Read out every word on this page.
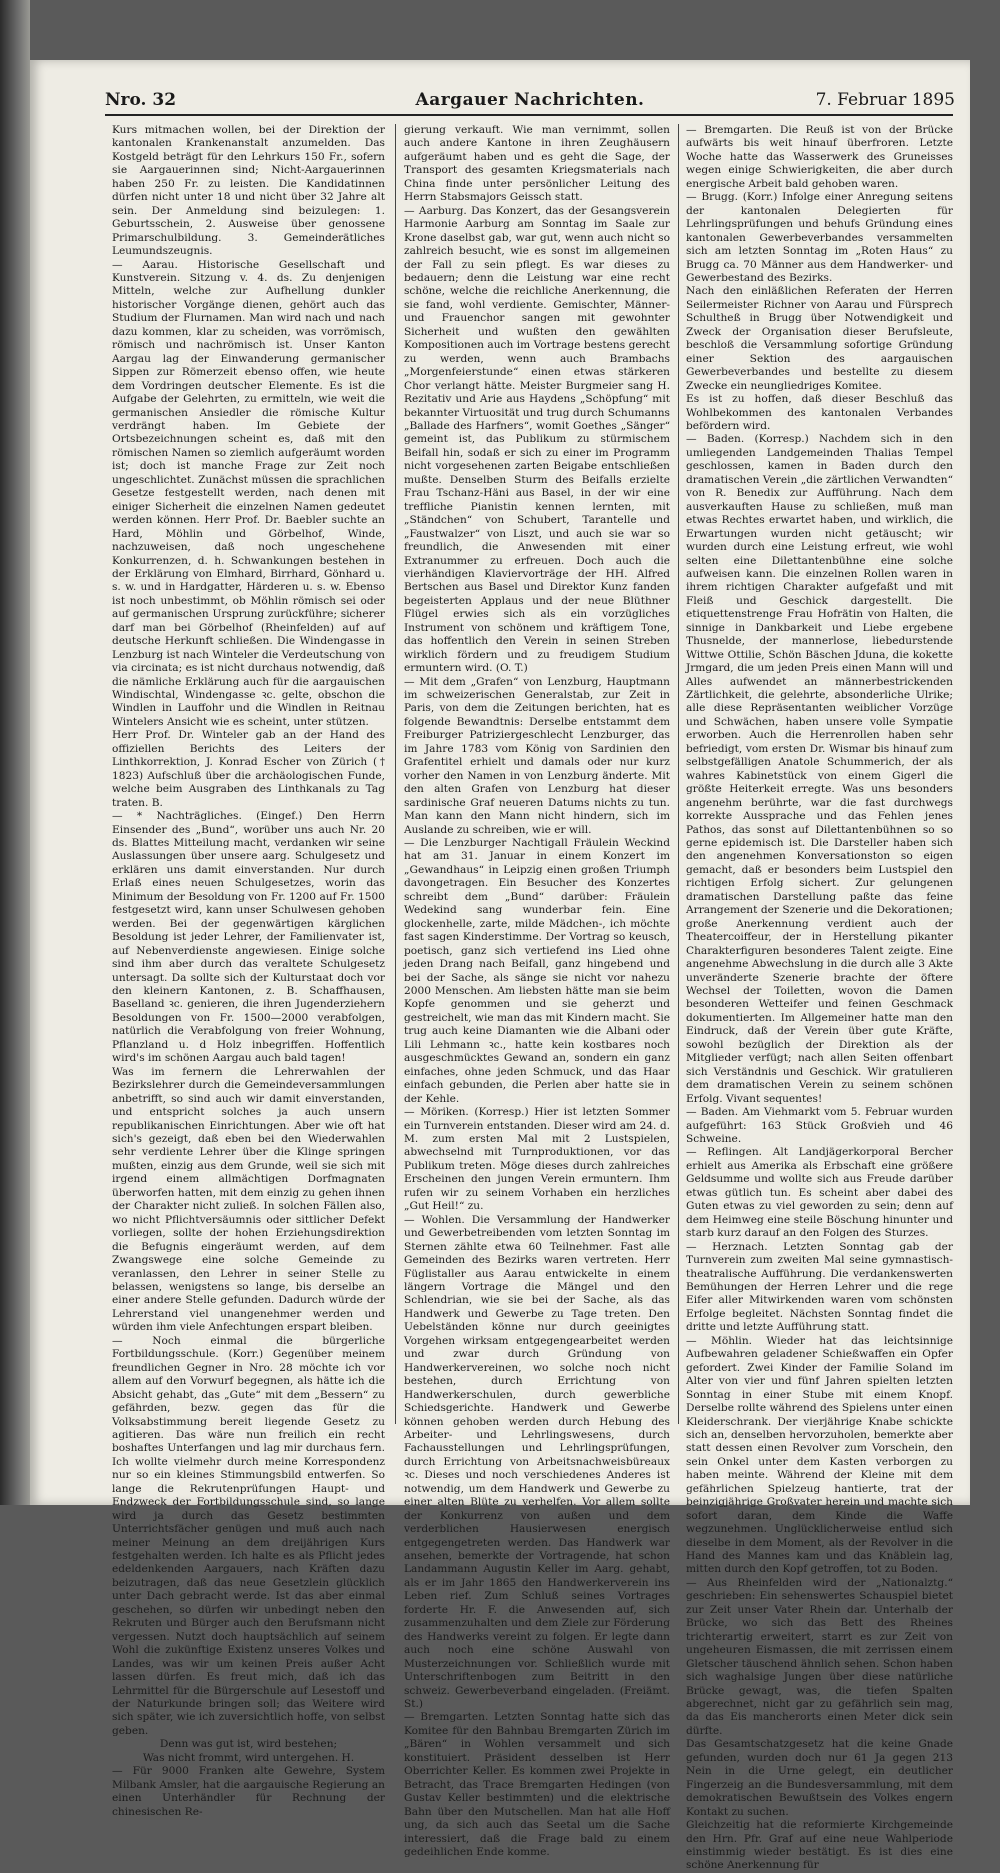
Nro. 32	Aargauer Nachrichten.	7. Februar 1895

Kurs mitmachen wollen, bei der Direktion der kantonalen Krankenanstalt anzumelden. Das Kostgeld beträgt für den Lehrkurs 150 Fr., sofern sie Aargauerinnen sind; Nicht-Aargauerinnen haben 250 Fr. zu leisten. Die Kandidatinnen dürfen nicht unter 18 und nicht über 32 Jahre alt sein. Der Anmeldung sind beizulegen: 1. Geburtsschein, 2. Ausweise über genossene Primarschulbildung. 3. Gemeinderätliches Leumundszeugnis.

— Aarau. Historische Gesellschaft und Kunstverein. Sitzung v. 4. ds. Zu denjenigen Mitteln, welche zur Aufhellung dunkler historischer Vorgänge dienen, gehört auch das Studium der Flurnamen. Man wird nach und nach dazu kommen, klar zu scheiden, was vorrömisch, römisch und nachrömisch ist. Unser Kanton Aargau lag der Einwanderung germanischer Sippen zur Römerzeit ebenso offen, wie heute dem Vordringen deutscher Elemente. Es ist die Aufgabe der Gelehrten, zu ermitteln, wie weit die germanischen Ansiedler die römische Kultur verdrängt haben. Im Gebiete der Ortsbezeichnungen scheint es, daß mit den römischen Namen so ziemlich aufgeräumt worden ist; doch ist manche Frage zur Zeit noch ungeschlichtet. Zunächst müssen die sprachlichen Gesetze festgestellt werden, nach denen mit einiger Sicherheit die einzelnen Namen gedeutet werden können. Herr Prof. Dr. Baebler suchte an Hard, Möhlin und Görbelhof, Winde, nachzuweisen, daß noch ungeschehene Konkurrenzen, d. h. Schwankungen bestehen in der Erklärung von Elmhard, Birrhard, Gönhard u. s. w. und in Hardgatter, Härderen u. s. w. Ebenso ist noch unbestimmt, ob Möhlin römisch sei oder auf germanischen Ursprung zurückführe; sicherer darf man bei Görbelhof (Rheinfelden) auf auf deutsche Herkunft schließen. Die Windengasse in Lenzburg ist nach Winteler die Verdeutschung von via circinata; es ist nicht durchaus notwendig, daß die nämliche Erklärung auch für die aargauischen Windischtal, Windengasse ꝛc. gelte, obschon die Windlen in Lauffohr und die Windlen in Reitnau Wintelers Ansicht wie es scheint, unter stützen.

Herr Prof. Dr. Winteler gab an der Hand des offiziellen Berichts des Leiters der Linthkorrektion, J. Konrad Escher von Zürich († 1823) Aufschluß über die archäologischen Funde, welche beim Ausgraben des Linthkanals zu Tag traten. B.

— * Nachträgliches. (Eingef.) Den Herrn Einsender des „Bund“, worüber uns auch Nr. 20 ds. Blattes Mitteilung macht, verdanken wir seine Auslassungen über unsere aarg. Schulgesetz und erklären uns damit einverstanden. Nur durch Erlaß eines neuen Schulgesetzes, worin das Minimum der Besoldung von Fr. 1200 auf Fr. 1500 festgesetzt wird, kann unser Schulwesen gehoben werden. Bei der gegenwärtigen kärglichen Besoldung ist jeder Lehrer, der Familienvater ist, auf Nebenverdienste angewiesen. Einige solche sind ihm aber durch das veraltete Schulgesetz untersagt. Da sollte sich der Kulturstaat doch vor den kleinern Kantonen, z. B. Schaffhausen, Baselland ꝛc. genieren, die ihren Jugenderziehern Besoldungen von Fr. 1500—2000 verabfolgen, natürlich die Verabfolgung von freier Wohnung, Pflanzland u. d Holz inbegriffen. Hoffentlich wird's im schönen Aargau auch bald tagen!

Was im fernern die Lehrerwahlen der Bezirkslehrer durch die Gemeindeversammlungen anbetrifft, so sind auch wir damit einverstanden, und entspricht solches ja auch unsern republikanischen Einrichtungen. Aber wie oft hat sich's gezeigt, daß eben bei den Wiederwahlen sehr verdiente Lehrer über die Klinge springen mußten, einzig aus dem Grunde, weil sie sich mit irgend einem allmächtigen Dorfmagnaten überworfen hatten, mit dem einzig zu gehen ihnen der Charakter nicht zuließ. In solchen Fällen also, wo nicht Pflichtversäumnis oder sittlicher Defekt vorliegen, sollte der hohen Erziehungsdirektion die Befugnis eingeräumt werden, auf dem Zwangswege eine solche Gemeinde zu veranlassen, den Lehrer in seiner Stelle zu belassen, wenigstens so lange, bis derselbe an einer andere Stelle gefunden. Dadurch würde der Lehrerstand viel unangenehmer werden und würden ihm viele Anfechtungen erspart bleiben.

— Noch einmal die bürgerliche Fortbildungsschule. (Korr.) Gegenüber meinem freundlichen Gegner in Nro. 28 möchte ich vor allem auf den Vorwurf begegnen, als hätte ich die Absicht gehabt, das „Gute“ mit dem „Bessern“ zu gefährden, bezw. gegen das für die Volksabstimmung bereit liegende Gesetz zu agitieren. Das wäre nun freilich ein recht boshaftes Unterfangen und lag mir durchaus fern. Ich wollte vielmehr durch meine Korrespondenz nur so ein kleines Stimmungsbild entwerfen. So lange die Rekrutenprüfungen Haupt- und Endzweck der Fortbildungsschule sind, so lange wird ja durch das Gesetz bestimmten Unterrichtsfächer genügen und muß auch nach meiner Meinung an dem dreijährigen Kurs festgehalten werden. Ich halte es als Pflicht jedes edeldenkenden Aargauers, nach Kräften dazu beizutragen, daß das neue Gesetzlein glücklich unter Dach gebracht werde. Ist das aber einmal geschehen, so dürfen wir unbedingt neben den Rekruten und Bürger auch den Berufsmann nicht vergessen. Nutzt doch hauptsächlich auf seinem Wohl die zukünftige Existenz unseres Volkes und Landes, was wir um keinen Preis außer Acht lassen dürfen. Es freut mich, daß ich das Lehrmittel für die Bürgerschule auf Lesestoff und der Naturkunde bringen soll; das Weitere wird sich später, wie ich zuversichtlich hoffe, von selbst geben.

Denn was gut ist, wird bestehen;

Was nicht frommt, wird untergehen. H.

— Für 9000 Franken alte Gewehre, System Milbank Amsler, hat die aargauische Regierung an einen Unterhändler für Rechnung der chinesischen Re-

gierung verkauft. Wie man vernimmt, sollen auch andere Kantone in ihren Zeughäusern aufgeräumt haben und es geht die Sage, der Transport des gesamten Kriegsmaterials nach China finde unter persönlicher Leitung des Herrn Stabsmajors Geissch statt.

— Aarburg. Das Konzert, das der Gesangsverein Harmonie Aarburg am Sonntag im Saale zur Krone daselbst gab, war gut, wenn auch nicht so zahlreich besucht, wie es sonst im allgemeinen der Fall zu sein pflegt. Es war dieses zu bedauern; denn die Leistung war eine recht schöne, welche die reichliche Anerkennung, die sie fand, wohl verdiente. Gemischter, Männer- und Frauenchor sangen mit gewohnter Sicherheit und wußten den gewählten Kompositionen auch im Vortrage bestens gerecht zu werden, wenn auch Brambachs „Morgenfeierstunde“ einen etwas stärkeren Chor verlangt hätte. Meister Burgmeier sang H. Rezitativ und Arie aus Haydens „Schöpfung“ mit bekannter Virtuosität und trug durch Schumanns „Ballade des Harfners“, womit Goethes „Sänger“ gemeint ist, das Publikum zu stürmischem Beifall hin, sodaß er sich zu einer im Programm nicht vorgesehenen zarten Beigabe entschließen mußte. Denselben Sturm des Beifalls erzielte Frau Tschanz-Häni aus Basel, in der wir eine treffliche Pianistin kennen lernten, mit „Ständchen“ von Schubert, Tarantelle und „Faustwalzer“ von Liszt, und auch sie war so freundlich, die Anwesenden mit einer Extranummer zu erfreuen. Doch auch die vierhändigen Klaviervorträge der HH. Alfred Bertschen aus Basel und Direktor Kunz fanden begeisterten Applaus und der neue Blüthner Flügel erwies sich als ein vorzügliches Instrument von schönem und kräftigem Tone, das hoffentlich den Verein in seinen Streben wirklich fördern und zu freudigem Studium ermuntern wird. (O. T.)

— Mit dem „Grafen“ von Lenzburg, Hauptmann im schweizerischen Generalstab, zur Zeit in Paris, von dem die Zeitungen berichten, hat es folgende Bewandtnis: Derselbe entstammt dem Freiburger Patriziergeschlecht Lenzburger, das im Jahre 1783 vom König von Sardinien den Grafentitel erhielt und damals oder nur kurz vorher den Namen in von Lenzburg änderte. Mit den alten Grafen von Lenzburg hat dieser sardinische Graf neueren Datums nichts zu tun. Man kann den Mann nicht hindern, sich im Auslande zu schreiben, wie er will.

— Die Lenzburger Nachtigall Fräulein Weckind hat am 31. Januar in einem Konzert im „Gewandhaus“ in Leipzig einen großen Triumph davongetragen. Ein Besucher des Konzertes schreibt dem „Bund“ darüber: Fräulein Wedekind sang wunderbar fein. Eine glockenhelle, zarte, milde Mädchen-, ich möchte fast sagen Kinderstimme. Der Vortrag so keusch, poetisch, ganz sich vertiefend ins Lied ohne jeden Drang nach Beifall, ganz hingebend und bei der Sache, als sänge sie nicht vor nahezu 2000 Menschen. Am liebsten hätte man sie beim Kopfe genommen und sie geherzt und gestreichelt, wie man das mit Kindern macht. Sie trug auch keine Diamanten wie die Albani oder Lili Lehmann ꝛc., hatte kein kostbares noch ausgeschmücktes Gewand an, sondern ein ganz einfaches, ohne jeden Schmuck, und das Haar einfach gebunden, die Perlen aber hatte sie in der Kehle.

— Möriken. (Korresp.) Hier ist letzten Sommer ein Turnverein entstanden. Dieser wird am 24. d. M. zum ersten Mal mit 2 Lustspielen, abwechselnd mit Turnproduktionen, vor das Publikum treten. Möge dieses durch zahlreiches Erscheinen den jungen Verein ermuntern. Ihm rufen wir zu seinem Vorhaben ein herzliches „Gut Heil!“ zu.

— Wohlen. Die Versammlung der Handwerker und Gewerbetreibenden vom letzten Sonntag im Sternen zählte etwa 60 Teilnehmer. Fast alle Gemeinden des Bezirks waren vertreten. Herr Füglistaller aus Aarau entwickelte in einem längern Vortrage die Mängel und den Schlendrian, wie sie bei der Sache, als das Handwerk und Gewerbe zu Tage treten. Den Uebelständen könne nur durch geeinigtes Vorgehen wirksam entgegengearbeitet werden und zwar durch Gründung von Handwerkervereinen, wo solche noch nicht bestehen, durch Errichtung von Handwerkerschulen, durch gewerbliche Schiedsgerichte. Handwerk und Gewerbe können gehoben werden durch Hebung des Arbeiter- und Lehrlingswesens, durch Fachausstellungen und Lehrlingsprüfungen, durch Errichtung von Arbeitsnachweisbüreaux ꝛc. Dieses und noch verschiedenes Anderes ist notwendig, um dem Handwerk und Gewerbe zu einer alten Blüte zu verhelfen. Vor allem sollte der Konkurrenz von außen und dem verderblichen Hausierwesen energisch entgegengetreten werden. Das Handwerk war ansehen, bemerkte der Vortragende, hat schon Landammann Augustin Keller im Aarg. gehabt, als er im Jahr 1865 den Handwerkerverein ins Leben rief. Zum Schluß seines Vortrages forderte Hr. F. die Anwesenden auf, sich zusammenzuhalten und dem Ziele zur Förderung des Handwerks vereint zu folgen. Er legte dann auch noch eine schöne Auswahl von Musterzeichnungen vor. Schließlich wurde mit Unterschriftenbogen zum Beitritt in den schweiz. Gewerbeverband eingeladen. (Freiämt. St.)

— Bremgarten. Letzten Sonntag hatte sich das Komitee für den Bahnbau Bremgarten Zürich im „Bären“ in Wohlen versammelt und sich konstituiert. Präsident desselben ist Herr Oberrichter Keller. Es kommen zwei Projekte in Betracht, das Trace Bremgarten Hedingen (von Gustav Keller bestimmten) und die elektrische Bahn über den Mutschellen. Man hat alle Hoff ung, da sich auch das Seetal um die Sache interessiert, daß die Frage bald zu einem gedeihlichen Ende komme.

— Bremgarten. Die Reuß ist von der Brücke aufwärts bis weit hinauf überfroren. Letzte Woche hatte das Wasserwerk des Gruneisses wegen einige Schwierigkeiten, die aber durch energische Arbeit bald gehoben waren.

— Brugg. (Korr.) Infolge einer Anregung seitens der kantonalen Delegierten für Lehrlingsprüfungen und behufs Gründung eines kantonalen Gewerbeverbandes versammelten sich am letzten Sonntag im „Roten Haus“ zu Brugg ca. 70 Männer aus dem Handwerker- und Gewerbestand des Bezirks.

Nach den einläßlichen Referaten der Herren Seilermeister Richner von Aarau und Fürsprech Schultheß in Brugg über Notwendigkeit und Zweck der Organisation dieser Berufsleute, beschloß die Versammlung sofortige Gründung einer Sektion des aargauischen Gewerbeverbandes und bestellte zu diesem Zwecke ein neungliedriges Komitee.

Es ist zu hoffen, daß dieser Beschluß das Wohlbekommen des kantonalen Verbandes befördern wird.

— Baden. (Korresp.) Nachdem sich in den umliegenden Landgemeinden Thalias Tempel geschlossen, kamen in Baden durch den dramatischen Verein „die zärtlichen Verwandten“ von R. Benedix zur Aufführung. Nach dem ausverkauften Hause zu schließen, muß man etwas Rechtes erwartet haben, und wirklich, die Erwartungen wurden nicht getäuscht; wir wurden durch eine Leistung erfreut, wie wohl selten eine Dilettantenbühne eine solche aufweisen kann. Die einzelnen Rollen waren in ihrem richtigen Charakter aufgefaßt und mit Fleiß und Geschick dargestellt. Die etiquettenstrenge Frau Hofrätin von Halten, die sinnige in Dankbarkeit und Liebe ergebene Thusnelde, der mannerlose, liebedurstende Wittwe Ottilie, Schön Bäschen Jduna, die kokette Jrmgard, die um jeden Preis einen Mann will und Alles aufwendet an männerbestrickenden Zärtlichkeit, die gelehrte, absonderliche Ulrike; alle diese Repräsentanten weiblicher Vorzüge und Schwächen, haben unsere volle Sympatie erworben. Auch die Herrenrollen haben sehr befriedigt, vom ersten Dr. Wismar bis hinauf zum selbstgefälligen Anatole Schummerich, der als wahres Kabinetstück von einem Gigerl die größte Heiterkeit erregte. Was uns besonders angenehm berührte, war die fast durchwegs korrekte Aussprache und das Fehlen jenes Pathos, das sonst auf Dilettantenbühnen so so gerne epidemisch ist. Die Darsteller haben sich den angenehmen Konversationston so eigen gemacht, daß er besonders beim Lustspiel den richtigen Erfolg sichert. Zur gelungenen dramatischen Darstellung paßte das feine Arrangement der Szenerie und die Dekorationen; große Anerkennung verdient auch der Theatercoiffeur, der in Herstellung pikanter Charakterfiguren besonderes Talent zeigte. Eine angenehme Abwechslung in die durch alle 3 Akte unveränderte Szenerie brachte der öftere Wechsel der Toiletten, wovon die Damen besonderen Wetteifer und feinen Geschmack dokumentierten. Im Allgemeiner hatte man den Eindruck, daß der Verein über gute Kräfte, sowohl bezüglich der Direktion als der Mitglieder verfügt; nach allen Seiten offenbart sich Verständnis und Geschick. Wir gratulieren dem dramatischen Verein zu seinem schönen Erfolg. Vivant sequentes!

— Baden. Am Viehmarkt vom 5. Februar wurden aufgeführt: 163 Stück Großvieh und 46 Schweine.

— Reflingen. Alt Landjägerkorporal Bercher erhielt aus Amerika als Erbschaft eine größere Geldsumme und wollte sich aus Freude darüber etwas gütlich tun. Es scheint aber dabei des Guten etwas zu viel geworden zu sein; denn auf dem Heimweg eine steile Böschung hinunter und starb kurz darauf an den Folgen des Sturzes.

— Herznach. Letzten Sonntag gab der Turnverein zum zweiten Mal seine gymnastisch-theatralische Aufführung. Die verdankenswerten Bemühungen der Herren Lehrer und die rege Eifer aller Mitwirkenden waren vom schönsten Erfolge begleitet. Nächsten Sonntag findet die dritte und letzte Aufführung statt.

— Möhlin. Wieder hat das leichtsinnige Aufbewahren geladener Schießwaffen ein Opfer gefordert. Zwei Kinder der Familie Soland im Alter von vier und fünf Jahren spielten letzten Sonntag in einer Stube mit einem Knopf. Derselbe rollte während des Spielens unter einen Kleiderschrank. Der vierjährige Knabe schickte sich an, denselben hervorzuholen, bemerkte aber statt dessen einen Revolver zum Vorschein, den sein Onkel unter dem Kasten verborgen zu haben meinte. Während der Kleine mit dem gefährlichen Spielzeug hantierte, trat der beinzigjährige Großvater herein und machte sich sofort daran, dem Kinde die Waffe wegzunehmen. Unglücklicherweise entlud sich dieselbe in dem Moment, als der Revolver in die Hand des Mannes kam und das Knäblein lag, mitten durch den Kopf getroffen, tot zu Boden.

— Aus Rheinfelden wird der „Nationalztg.“ geschrieben: Ein sehenswertes Schauspiel bietet zur Zeit unser Vater Rhein dar. Unterhalb der Brücke, wo sich das Bett des Rheines trichterartig erweitert, starrt es zur Zeit von ungeheuren Eismassen, die mit zerrissen einem Gletscher täuschend ähnlich sehen. Schon haben sich waghalsige Jungen über diese natürliche Brücke gewagt, was, die tiefen Spalten abgerechnet, nicht gar zu gefährlich sein mag, da das Eis mancherorts einen Meter dick sein dürfte.

Das Gesamtschatzgesetz hat die keine Gnade gefunden, wurden doch nur 61 Ja gegen 213 Nein in die Urne gelegt, ein deutlicher Fingerzeig an die Bundesversammlung, mit dem demokratischen Bewußtsein des Volkes engern Kontakt zu suchen.

Gleichzeitig hat die reformierte Kirchgemeinde den Hrn. Pfr. Graf auf eine neue Wahlperiode einstimmig wieder bestätigt. Es ist dies eine schöne Anerkennung für
